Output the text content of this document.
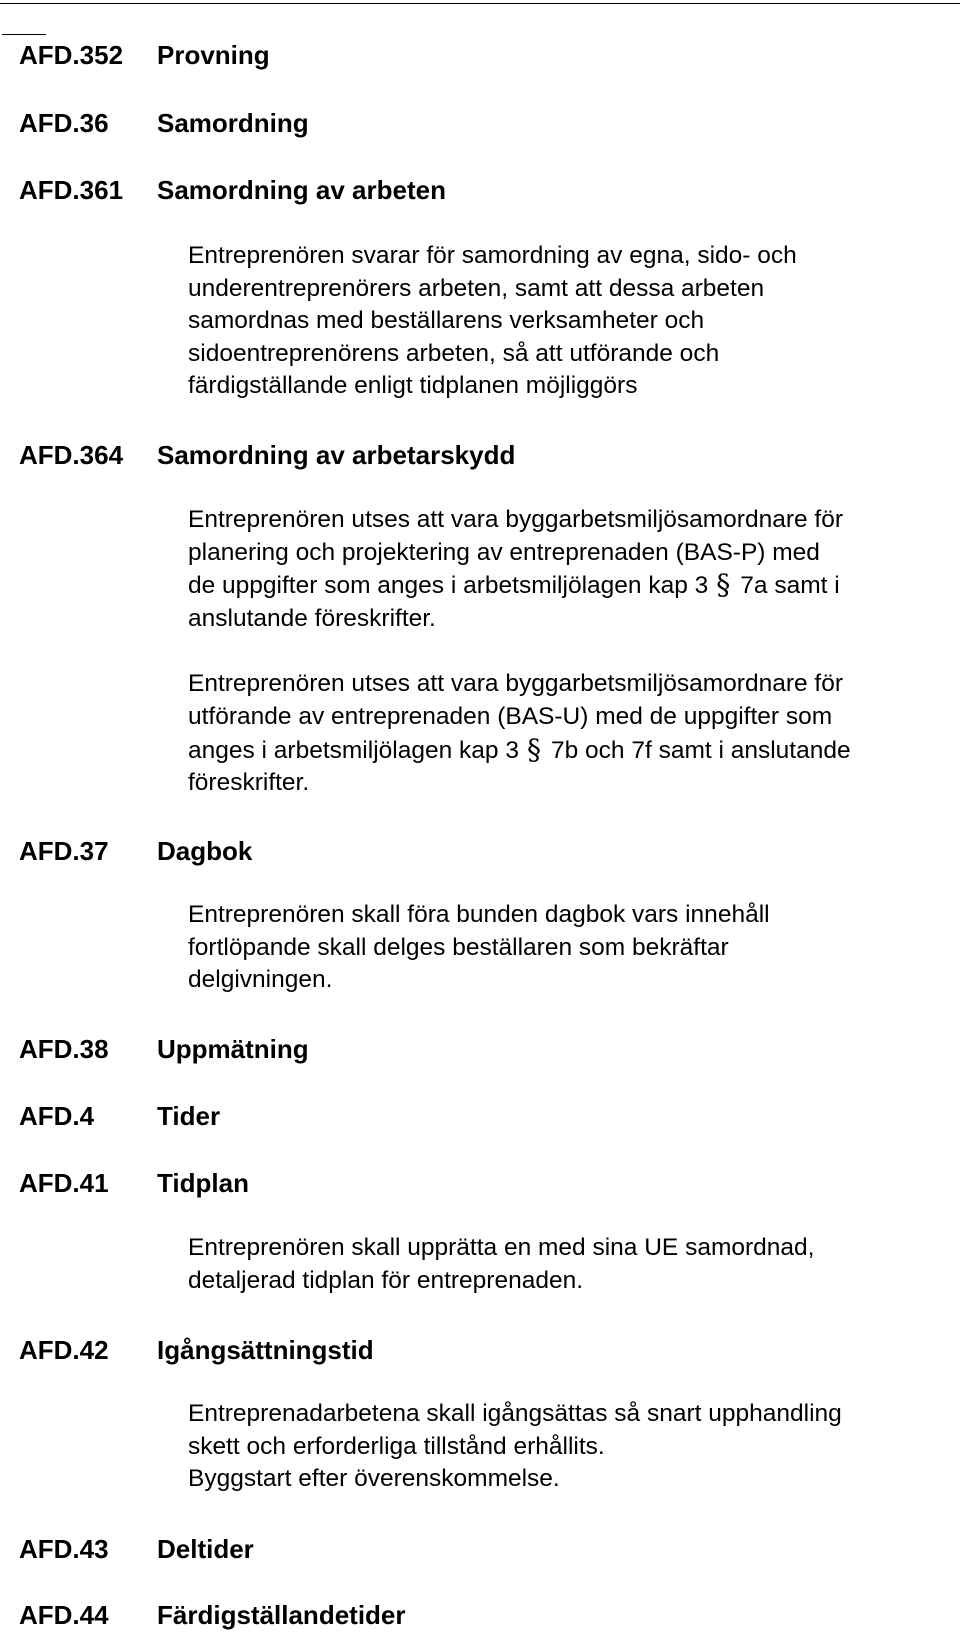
AFD.352 Provning
AFD.36 Samordning
AFD.361 Samordning av arbeten
Entreprenören svarar för samordning av egna, sido- och
underentreprenörers arbeten, samt att dessa arbeten
samordnas med beställarens verksamheter och
sidoentreprenörens arbeten, så att utförande och
färdigställande enligt tidplanen möjliggörs
AFD.364 Samordning av arbetarskydd

Entreprenören utses att vara byggarbetsmiljösamordnare för
planering och projektering av entreprenaden (BAS-P) med
de uppgifter som anges i arbetsmiljölagen kap 3 § 7a samt i
anslutande föreskrifter.

Entreprenören utses att vara byggarbetsmiljösamordnare för
utförande av entreprenaden (BAS-U) med de uppgifter som
anges i arbetsmiljölagen kap 3 § 7b och 7f samt i anslutande
föreskrifter.

AFD.37 Dagbok
Entreprenören skall föra bunden dagbok vars innehåll
fortlöpande skall delges beställaren som bekräftar
delgivningen.
AFD.38 Uppmätning
AFD.4 Tider
AFD.41 Tidplan
Entreprenören skall upprätta en med sina UE samordnad,
detaljerad tidplan för entreprenaden.
AFD.42 Igångsättningstid
Entreprenadarbetena skall igångsättas så snart upphandling
skett och erforderliga tillstånd erhållits.
Byggstart efter överenskommelse.
AFD.43 Deltider
AFD.44 Färdigställandetider
